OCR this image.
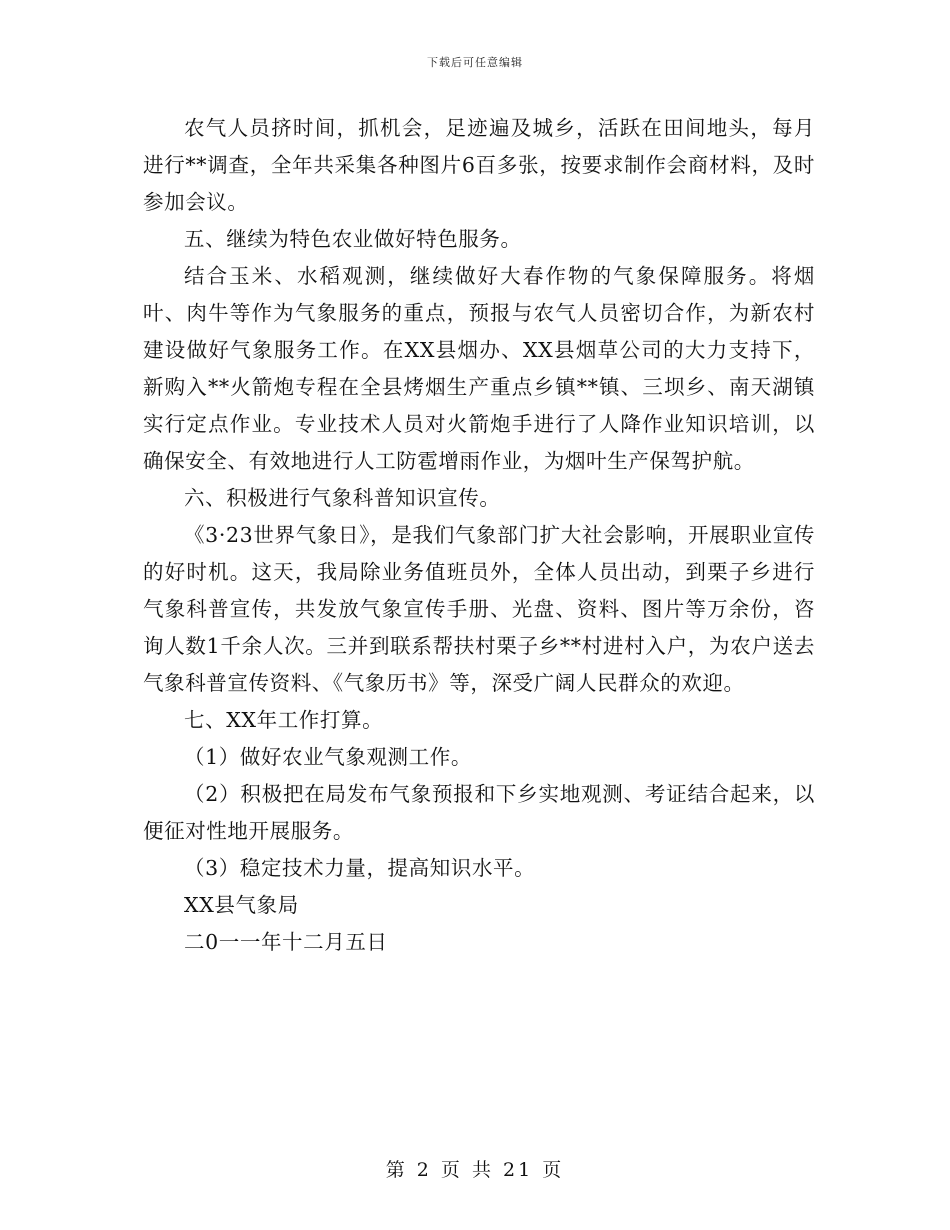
下载后可任意编辑

农气人员挤时间，抓机会，足迹遍及城乡，活跃在田间地头，每月进行**调查，全年共采集各种图片6百多张，按要求制作会商材料，及时参加会议。

五、继续为特色农业做好特色服务。

结合玉米、水稻观测，继续做好大春作物的气象保障服务。将烟叶、肉牛等作为气象服务的重点，预报与农气人员密切合作，为新农村建设做好气象服务工作。在XX县烟办、XX县烟草公司的大力支持下，新购入**火箭炮专程在全县烤烟生产重点乡镇**镇、三坝乡、南天湖镇实行定点作业。专业技术人员对火箭炮手进行了人降作业知识培训，以确保安全、有效地进行人工防雹增雨作业，为烟叶生产保驾护航。

六、积极进行气象科普知识宣传。

《3·23世界气象日》，是我们气象部门扩大社会影响，开展职业宣传的好时机。这天，我局除业务值班员外，全体人员出动，到栗子乡进行气象科普宣传，共发放气象宣传手册、光盘、资料、图片等万余份，咨询人数1千余人次。三并到联系帮扶村栗子乡**村进村入户，为农户送去气象科普宣传资料、《气象历书》等，深受广阔人民群众的欢迎。

七、XX年工作打算。

（1）做好农业气象观测工作。

（2）积极把在局发布气象预报和下乡实地观测、考证结合起来，以便征对性地开展服务。

（3）稳定技术力量，提高知识水平。

XX县气象局

二0一一年十二月五日

第 2 页 共 21 页
